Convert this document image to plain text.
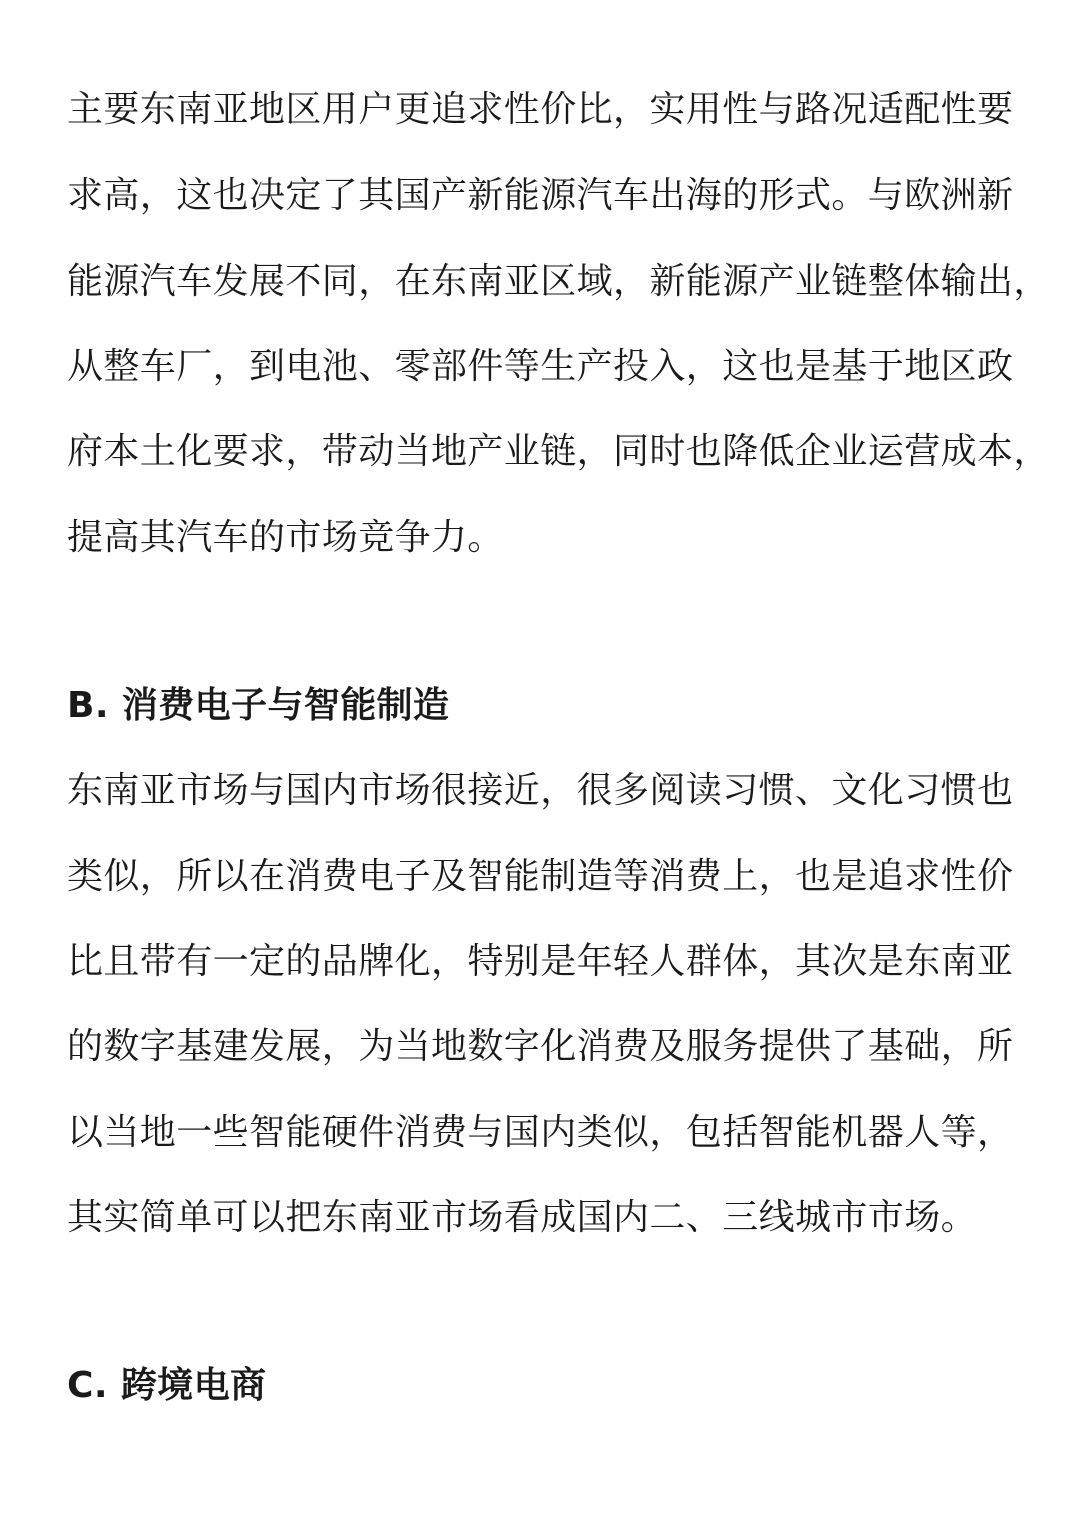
主要东南亚地区用户更追求性价比，实用性与路况适配性要
求高，这也决定了其国产新能源汽车出海的形式。与欧洲新
能源汽车发展不同，在东南亚区域，新能源产业链整体输出，
从整车厂，到电池、零部件等生产投入，这也是基于地区政
府本土化要求，带动当地产业链，同时也降低企业运营成本，
提高其汽车的市场竞争力。
B. 消费电子与智能制造
东南亚市场与国内市场很接近，很多阅读习惯、文化习惯也
类似，所以在消费电子及智能制造等消费上，也是追求性价
比且带有一定的品牌化，特别是年轻人群体，其次是东南亚
的数字基建发展，为当地数字化消费及服务提供了基础，所
以当地一些智能硬件消费与国内类似，包括智能机器人等，
其实简单可以把东南亚市场看成国内二、三线城市市场。
C. 跨境电商
